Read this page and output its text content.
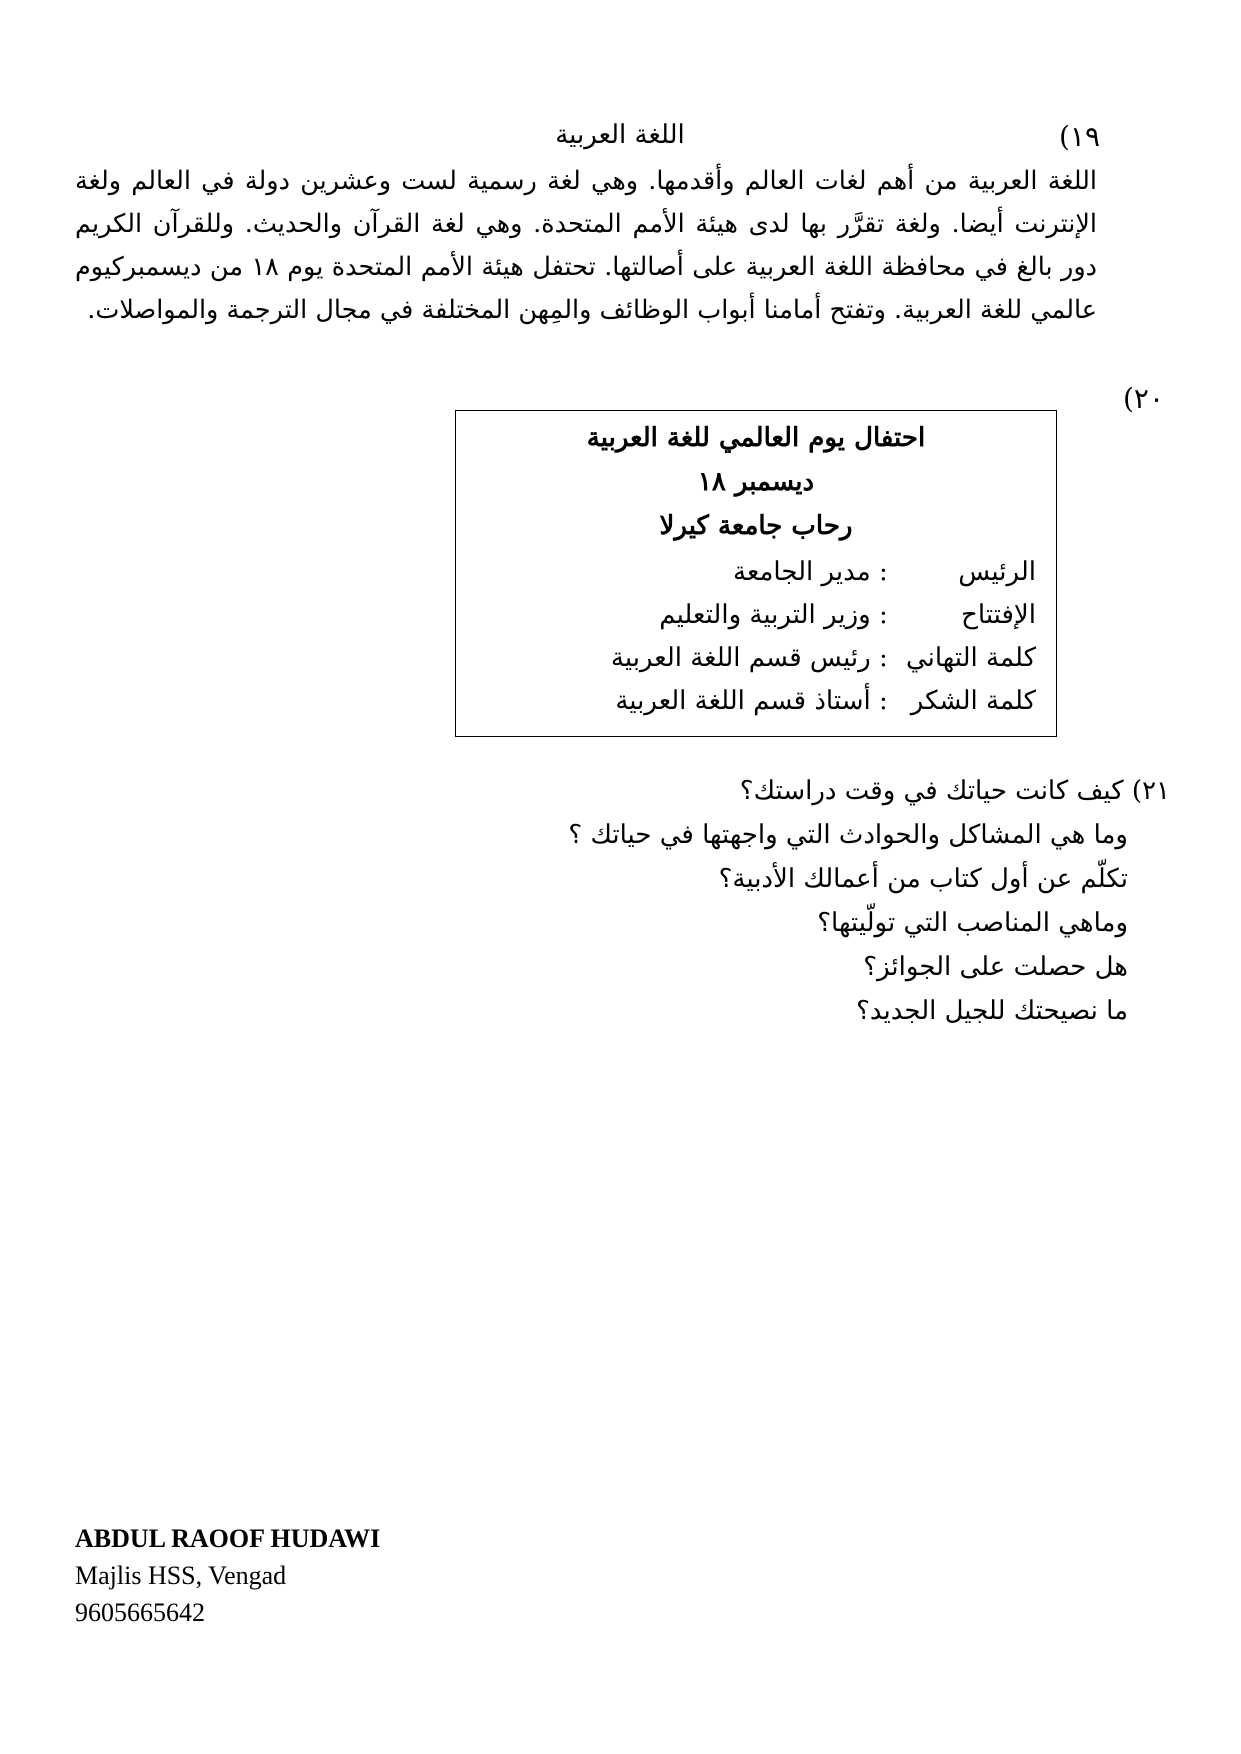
١٩)
اللغة العربية
اللغة العربية من أهم لغات العالم وأقدمها. وهي لغة رسمية لست وعشرين دولة في العالم ولغة
الإنترنت أيضا. ولغة تقرَّر بها لدى هيئة الأمم المتحدة. وهي لغة القرآن والحديث. وللقرآن الكريم
دور بالغ في محافظة اللغة العربية على أصالتها. تحتفل هيئة الأمم المتحدة يوم ١٨ من ديسمبركيوم
عالمي للغة العربية. وتفتح أمامنا أبواب الوظائف والمِهن المختلفة في مجال الترجمة والمواصلات.
٢٠)
احتفال يوم العالمي للغة العربية
ديسمبر ١٨
رحاب جامعة كيرلا
الرئيس : مدير الجامعة
الإفتتاح : وزير التربية والتعليم
كلمة التهاني : رئيس قسم اللغة العربية
كلمة الشكر : أستاذ قسم اللغة العربية
٢١) كيف كانت حياتك في وقت دراستك؟
وما هي المشاكل والحوادث التي واجهتها في حياتك ؟
تكلّم عن أول كتاب من أعمالك الأدبية؟
وماهي المناصب التي تولّيتها؟
هل حصلت على الجوائز؟
ما نصيحتك للجيل الجديد؟
ABDUL RAOOF HUDAWI
Majlis HSS, Vengad
9605665642
